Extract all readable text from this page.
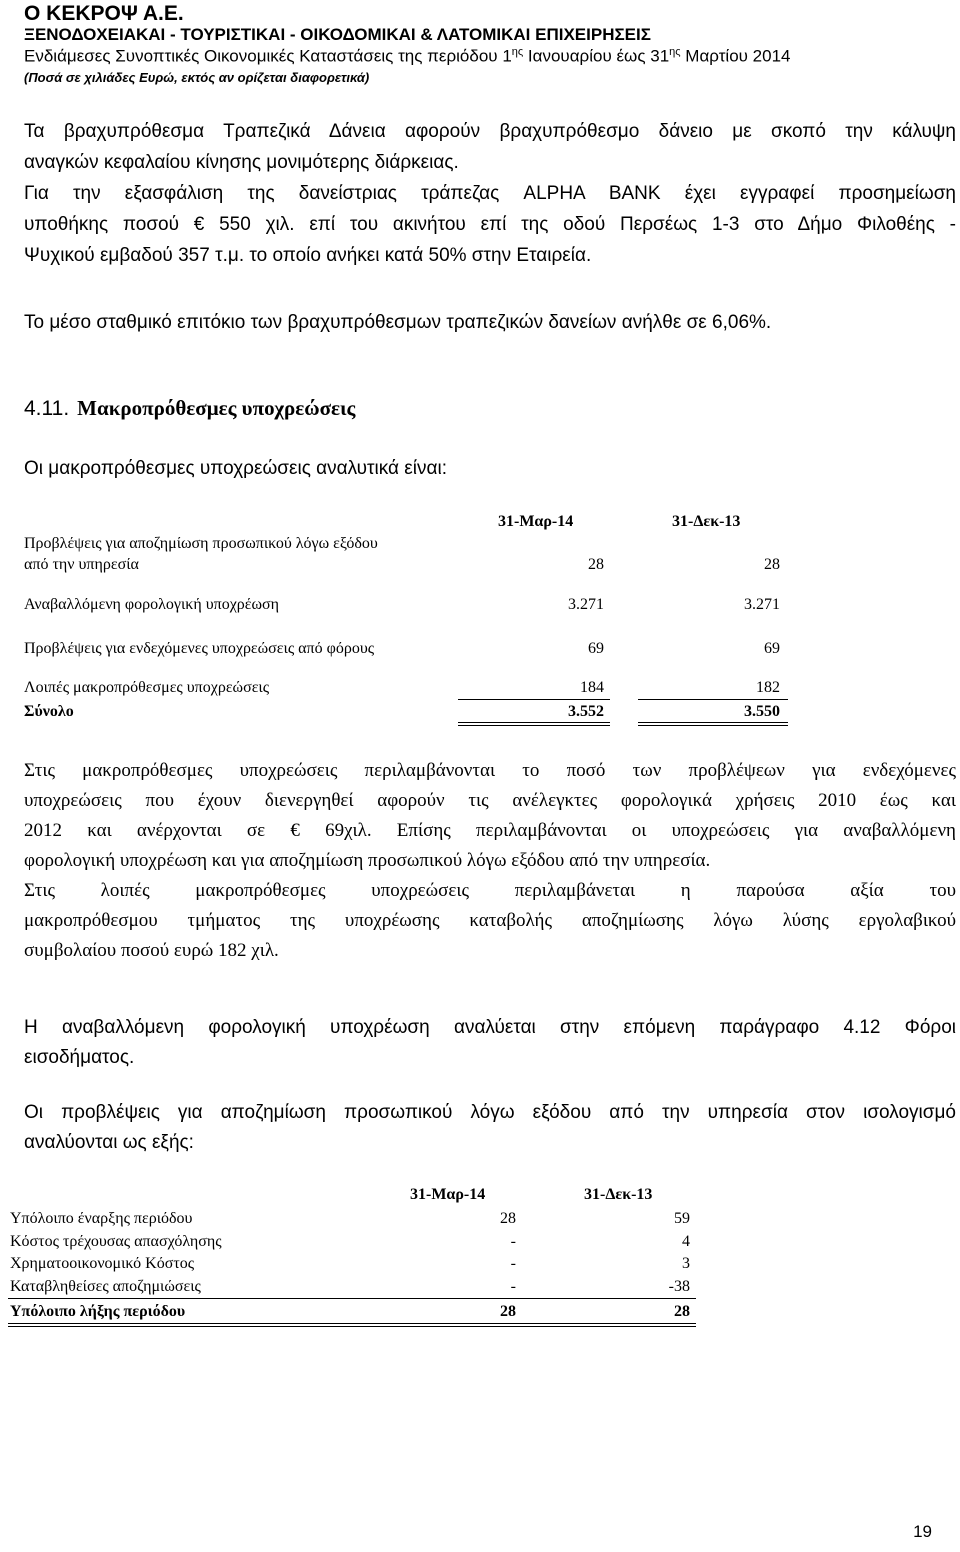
Ο ΚΕΚΡΟΨ Α.Ε.
ΞΕΝΟΔΟΧΕΙΑΚΑΙ - ΤΟΥΡΙΣΤΙΚΑΙ - ΟΙΚΟΔΟΜΙΚΑΙ & ΛΑΤΟΜΙΚΑΙ ΕΠΙΧΕΙΡΗΣΕΙΣ
Ενδιάμεσες Συνοπτικές Οικονομικές Καταστάσεις της περιόδου $1^{\eta\varsigma}$ Ιανουαρίου έως $31^{\eta\varsigma}$ Μαρτίου 2014
(Ποσά σε χιλιάδες Ευρώ, εκτός αν ορίζεται διαφορετικά)
Τα βραχυπρόθεσμα Τραπεζικά Δάνεια αφορούν βραχυπρόθεσμο δάνειο με σκοπό την κάλυψη
αναγκών κεφαλαίου κίνησης μονιμότερης διάρκειας.
Για την εξασφάλιση της δανείστριας τράπεζας ALPHA BANK έχει εγγραφεί προσημείωση
υποθήκης ποσού € 550 χιλ. επί του ακινήτου επί της οδού Περσέως 1-3 στο Δήμο Φιλοθέης -
Ψυχικού εμβαδού 357 τ.μ. το οποίο ανήκει κατά 50% στην Εταιρεία.
Το μέσο σταθμικό επιτόκιο των βραχυπρόθεσμων τραπεζικών δανείων ανήλθε σε 6,06%.
4.11. Μακροπρόθεσμες υποχρεώσεις
Οι μακροπρόθεσμες υποχρεώσεις αναλυτικά είναι:
31-Μαρ-14	31-Δεκ-13
Προβλέψεις για αποζημίωση προσωπικού λόγω εξόδου
από την υπηρεσία	28	28
Αναβαλλόμενη φορολογική υποχρέωση	3.271	3.271
Προβλέψεις για ενδεχόμενες υποχρεώσεις από φόρους	69	69
Λοιπές μακροπρόθεσμες υποχρεώσεις	184	182
Σύνολο	3.552	3.550
Στις μακροπρόθεσμες υποχρεώσεις περιλαμβάνονται το ποσό των προβλέψεων για ενδεχόμενες
υποχρεώσεις που έχουν διενεργηθεί αφορούν τις ανέλεγκτες φορολογικά χρήσεις 2010 έως και
2012 και ανέρχονται σε € 69χιλ. Επίσης περιλαμβάνονται οι υποχρεώσεις για αναβαλλόμενη
φορολογική υποχρέωση και για αποζημίωση προσωπικού λόγω εξόδου από την υπηρεσία.
Στις λοιπές μακροπρόθεσμες υποχρεώσεις περιλαμβάνεται η παρούσα αξία του
μακροπρόθεσμου τμήματος της υποχρέωσης καταβολής αποζημίωσης λόγω λύσης εργολαβικού
συμβολαίου ποσού ευρώ 182 χιλ.
Η αναβαλλόμενη φορολογική υποχρέωση αναλύεται στην επόμενη παράγραφο 4.12 Φόροι
εισοδήματος.
Οι προβλέψεις για αποζημίωση προσωπικού λόγω εξόδου από την υπηρεσία στον ισολογισμό
αναλύονται ως εξής:
31-Μαρ-14	31-Δεκ-13
Υπόλοιπο έναρξης περιόδου	28	59
Κόστος τρέχουσας απασχόλησης	-	4
Χρηματοοικονομικό Κόστος	-	3
Καταβληθείσες αποζημιώσεις	-	-38
Υπόλοιπο λήξης περιόδου	28	28
19
